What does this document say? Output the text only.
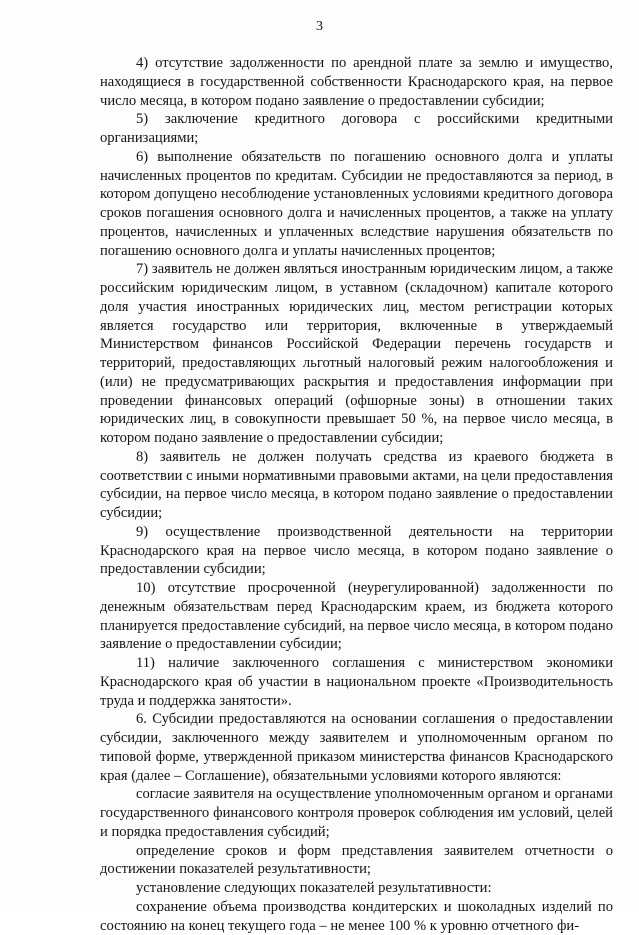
3

4) отсутствие задолженности по арендной плате за землю и имущество, находящиеся в государственной собственности Краснодарского края, на первое число месяца, в котором подано заявление о предоставлении субсидии;

5) заключение кредитного договора с российскими кредитными организациями;

6) выполнение обязательств по погашению основного долга и уплаты начисленных процентов по кредитам. Субсидии не предоставляются за период, в котором допущено несоблюдение установленных условиями кредитного договора сроков погашения основного долга и начисленных процентов, а также на уплату процентов, начисленных и уплаченных вследствие нарушения обязательств по погашению основного долга и уплаты начисленных процентов;

7) заявитель не должен являться иностранным юридическим лицом, а также российским юридическим лицом, в уставном (складочном) капитале которого доля участия иностранных юридических лиц, местом регистрации которых является государство или территория, включенные в утверждаемый Министерством финансов Российской Федерации перечень государств и территорий, предоставляющих льготный налоговый режим налогообложения и (или) не предусматривающих раскрытия и предоставления информации при проведении финансовых операций (офшорные зоны) в отношении таких юридических лиц, в совокупности превышает 50 %, на первое число месяца, в котором подано заявление о предоставлении субсидии;

8) заявитель не должен получать средства из краевого бюджета в соответствии с иными нормативными правовыми актами, на цели предоставления субсидии, на первое число месяца, в котором подано заявление о предоставлении субсидии;

9) осуществление производственной деятельности на территории Краснодарского края на первое число месяца, в котором подано заявление о предоставлении субсидии;

10) отсутствие просроченной (неурегулированной) задолженности по денежным обязательствам перед Краснодарским краем, из бюджета которого планируется предоставление субсидий, на первое число месяца, в котором подано заявление о предоставлении субсидии;

11) наличие заключенного соглашения с министерством экономики Краснодарского края об участии в национальном проекте «Производительность труда и поддержка занятости».

6. Субсидии предоставляются на основании соглашения о предоставлении субсидии, заключенного между заявителем и уполномоченным органом по типовой форме, утвержденной приказом министерства финансов Краснодарского края (далее – Соглашение), обязательными условиями которого являются:

согласие заявителя на осуществление уполномоченным органом и органами государственного финансового контроля проверок соблюдения им условий, целей и порядка предоставления субсидий;

определение сроков и форм представления заявителем отчетности о достижении показателей результативности;

установление следующих показателей результативности:

сохранение объема производства кондитерских и шоколадных изделий по состоянию на конец текущего года – не менее 100 % к уровню отчетного фи-
